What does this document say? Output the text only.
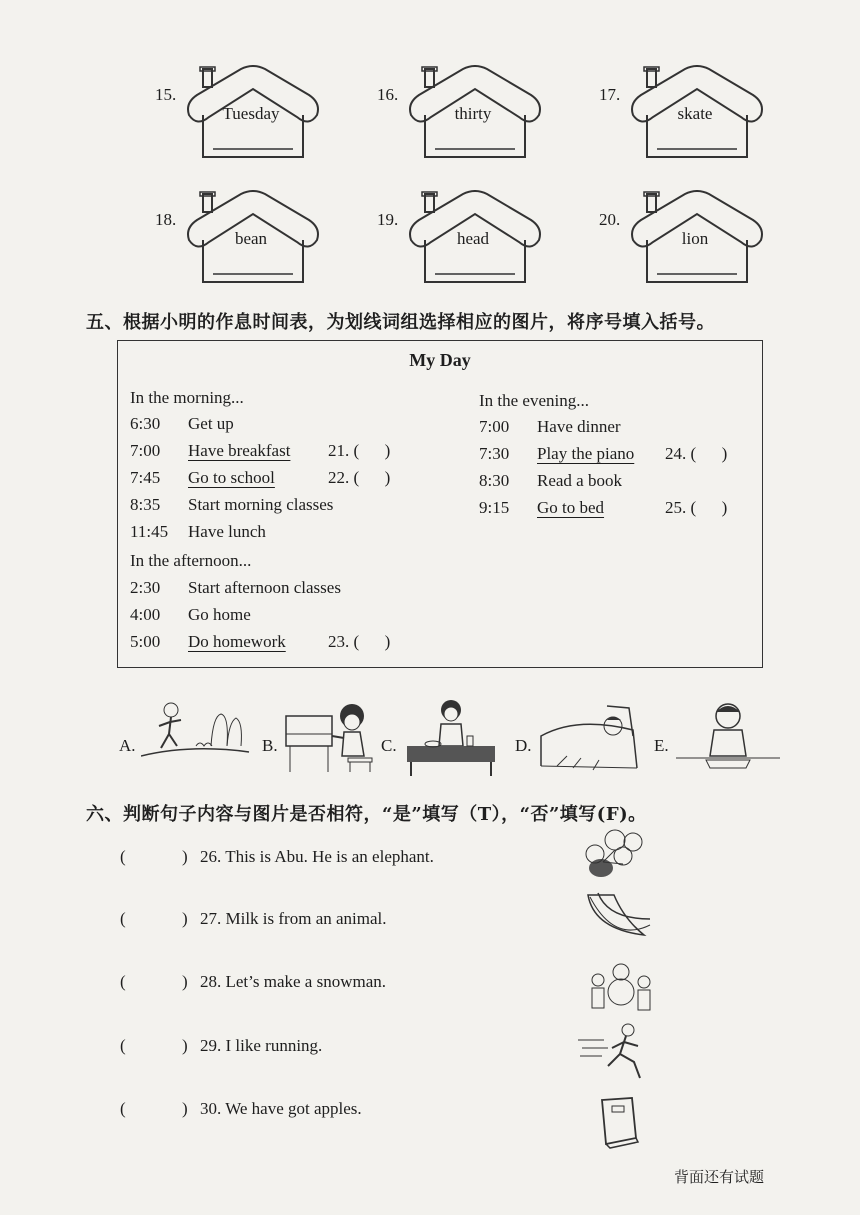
15.
Tuesday
16.
thirty
17.
skate
18.
bean
19.
head
20.
lion
五、根据小明的作息时间表，为划线词组选择相应的图片，将序号填入括号。
My Day
In the morning...
In the afternoon...
In the evening...
6:30 Get up
7:00 Have breakfast 21. (      )
7:45 Go to school	22. (      )
8:35 Start morning classes
11:45 Have lunch
2:30 Start afternoon classes
4:00 Go home
5:00 Do homework 23. (      )
7:00 Have dinner
7:30 Play the piano 24. (      )
8:30 Read a book
9:15 Go to bed	25. (      )
A.	B.	C.	D.	E.
六、判断句子内容与图片是否相符，“是”填写（T），“否”填写(F)。
(	) 26. This is Abu. He is an elephant.
(	) 27. Milk is from an animal.
(	) 28. Let’s make a snowman.
(	) 29. I like running.
(	) 30. We have got apples.
背面还有试题
